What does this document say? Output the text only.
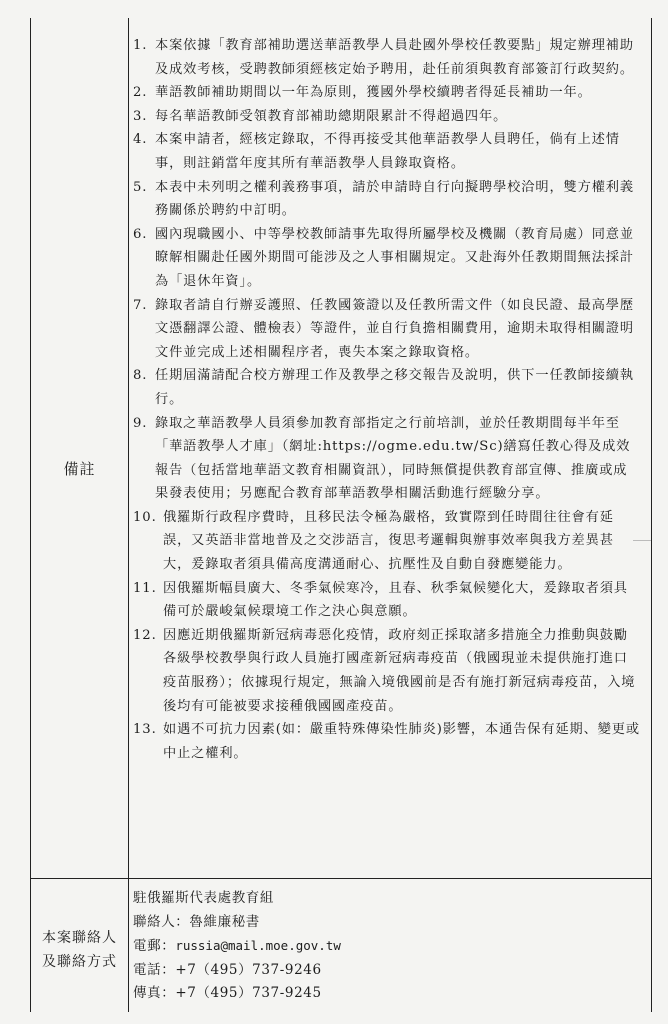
備註
1. 本案依據「教育部補助選送華語教學人員赴國外學校任教要點」規定辦理補助及成效考核，受聘教師須經核定始予聘用，赴任前須與教育部簽訂行政契約。
2. 華語教師補助期間以一年為原則，獲國外學校續聘者得延長補助一年。
3. 每名華語教師受領教育部補助總期限累計不得超過四年。
4. 本案申請者，經核定錄取，不得再接受其他華語教學人員聘任，倘有上述情事，則註銷當年度其所有華語教學人員錄取資格。
5. 本表中未列明之權利義務事項，請於申請時自行向擬聘學校洽明，雙方權利義務關係於聘約中訂明。
6. 國內現職國小、中等學校教師請事先取得所屬學校及機關（教育局處）同意並瞭解相關赴任國外期間可能涉及之人事相關規定。又赴海外任教期間無法採計為「退休年資」。
7. 錄取者請自行辦妥護照、任教國簽證以及任教所需文件（如良民證、最高學歷文憑翻譯公證、體檢表）等證件，並自行負擔相關費用，逾期未取得相關證明文件並完成上述相關程序者，喪失本案之錄取資格。
8. 任期屆滿請配合校方辦理工作及教學之移交報告及說明，供下一任教師接續執行。
9. 錄取之華語教學人員須參加教育部指定之行前培訓，並於任教期間每半年至「華語教學人才庫」（網址:https://ogme.edu.tw/Sc)繕寫任教心得及成效報告（包括當地華語文教育相關資訊），同時無償提供教育部宣傳、推廣或成果發表使用；另應配合教育部華語教學相關活動進行經驗分享。
10. 俄羅斯行政程序費時，且移民法令極為嚴格，致實際到任時間往往會有延誤，又英語非當地普及之交涉語言，復思考邏輯與辦事效率與我方差異甚大，爰錄取者須具備高度溝通耐心、抗壓性及自動自發應變能力。
11. 因俄羅斯幅員廣大、冬季氣候寒冷，且春、秋季氣候變化大，爰錄取者須具備可於嚴峻氣候環境工作之決心與意願。
12. 因應近期俄羅斯新冠病毒惡化疫情，政府刻正採取諸多措施全力推動與鼓勵各級學校教學與行政人員施打國產新冠病毒疫苗（俄國現並未提供施打進口疫苗服務）；依據現行規定，無論入境俄國前是否有施打新冠病毒疫苗，入境後均有可能被要求接種俄國國產疫苗。
13. 如遇不可抗力因素(如：嚴重特殊傳染性肺炎)影響，本通告保有延期、變更或中止之權利。
本案聯絡人
及聯絡方式
駐俄羅斯代表處教育組
聯絡人：魯維廉秘書
電郵：russia@mail.moe.gov.tw
電話：+7（495）737-9246
傳真：+7（495）737-9245
